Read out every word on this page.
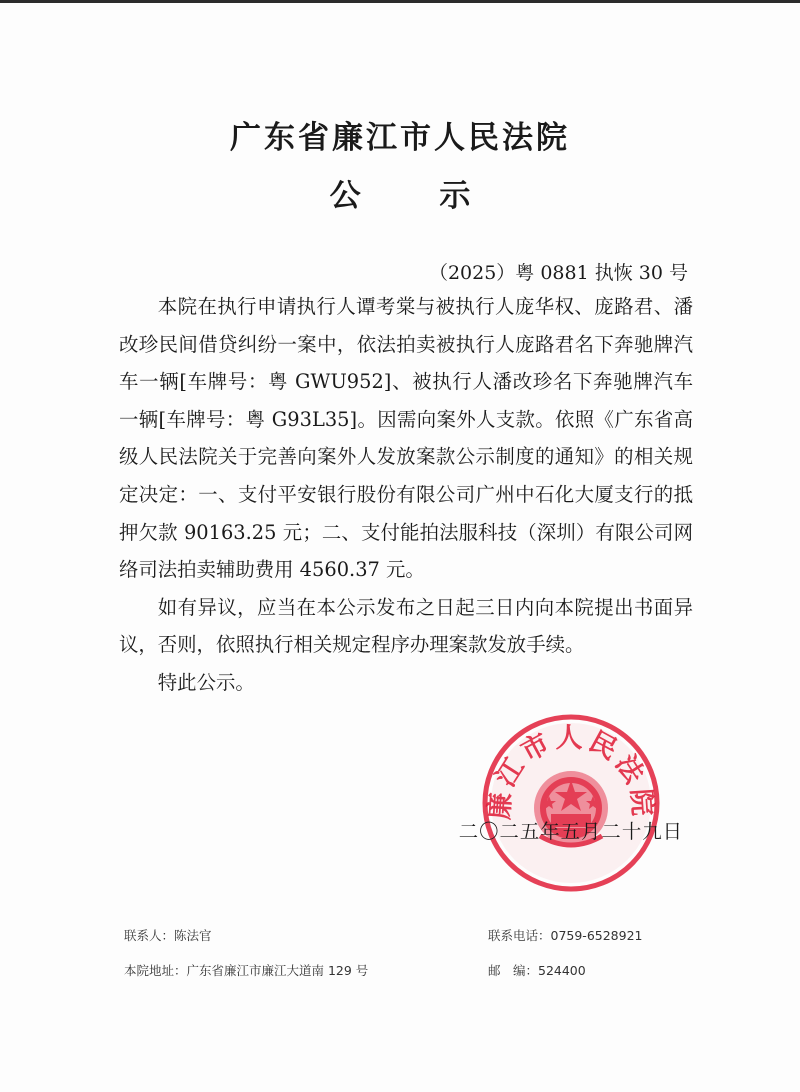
广东省廉江市人民法院
公 示
（2025）粤 0881 执恢 30 号

本院在执行申请执行人谭考棠与被执行人庞华权、庞路君、潘改珍民间借贷纠纷一案中，依法拍卖被执行人庞路君名下奔驰牌汽车一辆[车牌号：粤 GWU952]、被执行人潘改珍名下奔驰牌汽车一辆[车牌号：粤 G93L35]。因需向案外人支款。依照《广东省高级人民法院关于完善向案外人发放案款公示制度的通知》的相关规定决定：一、支付平安银行股份有限公司广州中石化大厦支行的抵押欠款 90163.25 元；二、支付能拍法服科技（深圳）有限公司网络司法拍卖辅助费用 4560.37 元。

如有异议，应当在本公示发布之日起三日内向本院提出书面异议，否则，依照执行相关规定程序办理案款发放手续。

特此公示。

廉江市人民法院
二〇二五年五月二十九日
联系人：陈法官
本院地址：广东省廉江市廉江大道南 129 号
联系电话：0759-6528921
邮　编：524400
